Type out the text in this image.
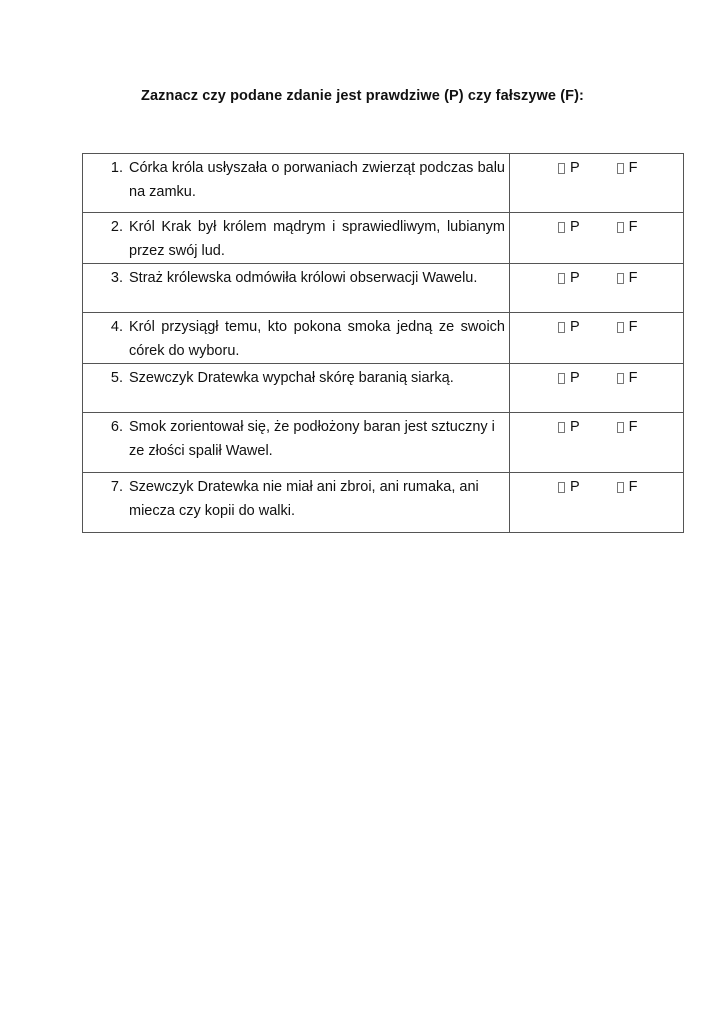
Zaznacz czy podane zdanie jest prawdziwe (P) czy fałszywe (F):
1. Córka króla usłyszała o porwaniach zwierząt podczas balu na zamku.	P F

2. Król Krak był królem mądrym i sprawiedliwym, lubianym przez swój lud.	P F

3. Straż królewska odmówiła królowi obserwacji Wawelu.	P F

4. Król przysiągł temu, kto pokona smoka jedną ze swoich córek do wyboru.	P F

5. Szewczyk Dratewka wypchał skórę baranią siarką.	P F

6. Smok zorientował się, że podłożony baran jest sztuczny i ze złości spalił Wawel.	P F

7. Szewczyk Dratewka nie miał ani zbroi, ani rumaka, ani miecza czy kopii do walki.	P F
